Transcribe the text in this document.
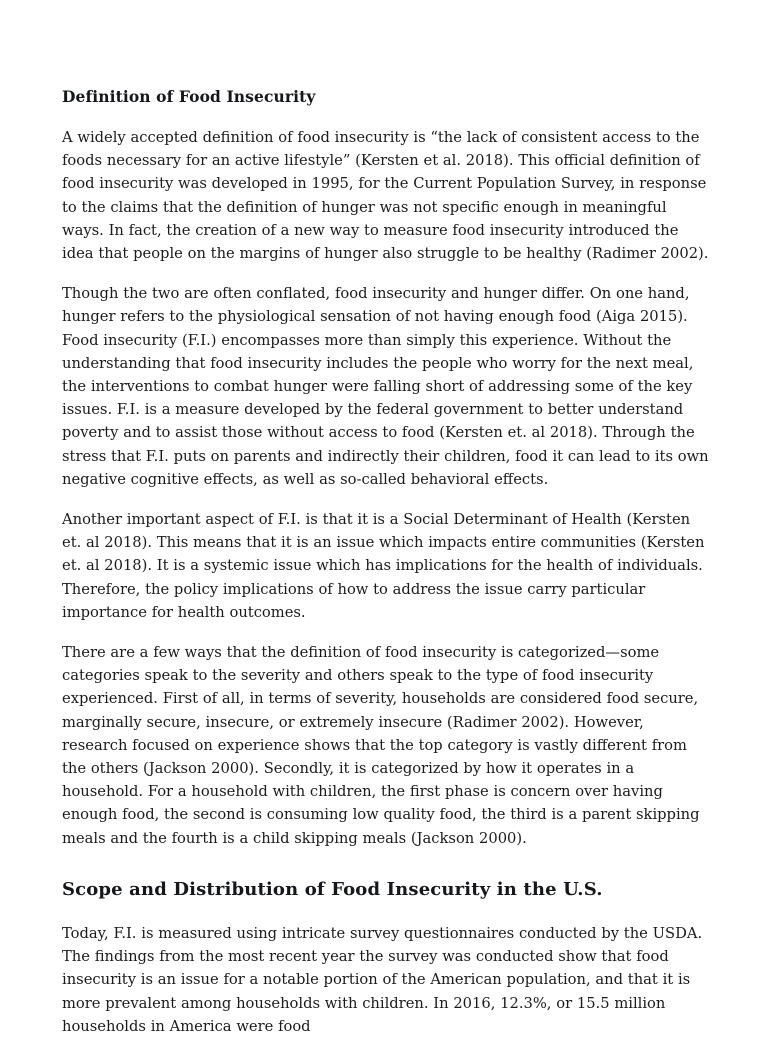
Definition of Food Insecurity

A widely accepted definition of food insecurity is “the lack of consistent access to the foods necessary for an active lifestyle” (Kersten et al. 2018). This official definition of food insecurity was developed in 1995, for the Current Population Survey, in response to the claims that the definition of hunger was not specific enough in meaningful ways. In fact, the creation of a new way to measure food insecurity introduced the idea that people on the margins of hunger also struggle to be healthy (Radimer 2002).

Though the two are often conflated, food insecurity and hunger differ. On one hand, hunger refers to the physiological sensation of not having enough food (Aiga 2015). Food insecurity (F.I.) encompasses more than simply this experience. Without the understanding that food insecurity includes the people who worry for the next meal, the interventions to combat hunger were falling short of addressing some of the key issues. F.I. is a measure developed by the federal government to better understand poverty and to assist those without access to food (Kersten et. al 2018). Through the stress that F.I. puts on parents and indirectly their children, food it can lead to its own negative cognitive effects, as well as so-called behavioral effects.

Another important aspect of F.I. is that it is a Social Determinant of Health (Kersten et. al 2018). This means that it is an issue which impacts entire communities (Kersten et. al 2018). It is a systemic issue which has implications for the health of individuals. Therefore, the policy implications of how to address the issue carry particular importance for health outcomes.

There are a few ways that the definition of food insecurity is categorized—some categories speak to the severity and others speak to the type of food insecurity experienced. First of all, in terms of severity, households are considered food secure, marginally secure, insecure, or extremely insecure (Radimer 2002). However, research focused on experience shows that the top category is vastly different from the others (Jackson 2000). Secondly, it is categorized by how it operates in a household. For a household with children, the first phase is concern over having enough food, the second is consuming low quality food, the third is a parent skipping meals and the fourth is a child skipping meals (Jackson 2000).

Scope and Distribution of Food Insecurity in the U.S.

Today, F.I. is measured using intricate survey questionnaires conducted by the USDA. The findings from the most recent year the survey was conducted show that food insecurity is an issue for a notable portion of the American population, and that it is more prevalent among households with children. In 2016, 12.3%, or 15.5 million households in America were food
